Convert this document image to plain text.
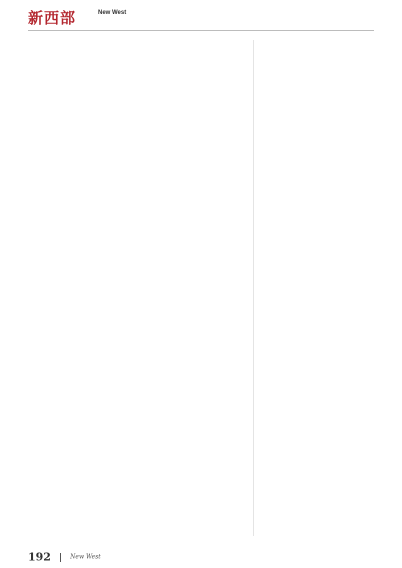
新西部	New West

192	New West
